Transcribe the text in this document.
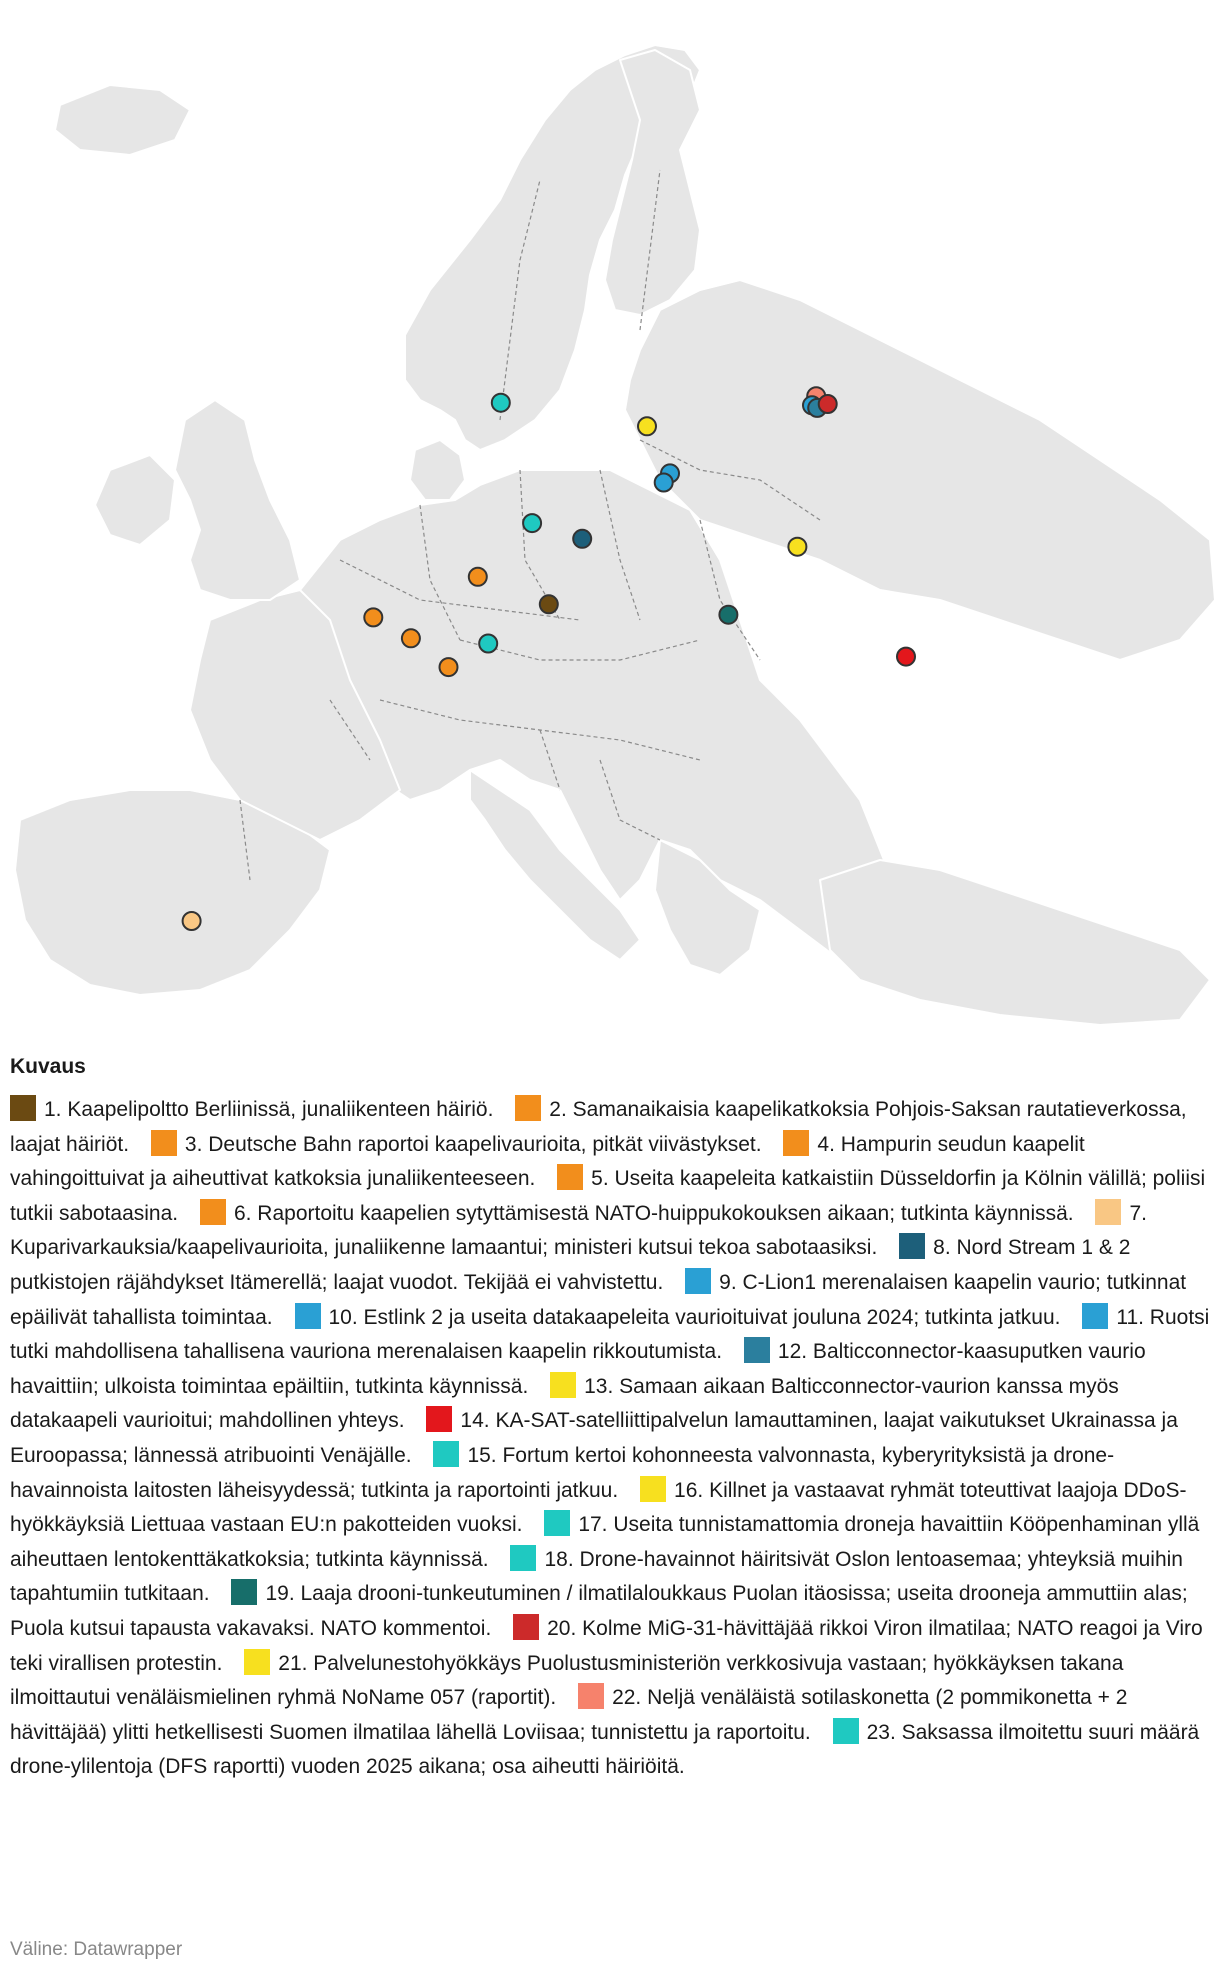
Kuvaus
1. Kaapelipoltto Berliinissä, junaliikenteen häiriö.	2. Samanaikaisia kaapelikatkoksia Pohjois-Saksan rautatieverkossa, laajat häiriöt.	3. Deutsche Bahn raportoi kaapelivaurioita, pitkät viivästykset.	4. Hampurin seudun kaapelit vahingoittuivat ja aiheuttivat katkoksia junaliikenteeseen.	5. Useita kaapeleita katkaistiin Düsseldorfin ja Kölnin välillä; poliisi tutkii sabotaasina.	6. Raportoitu kaapelien sytyttämisestä NATO-huippukokouksen aikaan; tutkinta käynnissä.	7. Kuparivarkauksia/kaapelivaurioita, junaliikenne lamaantui; ministeri kutsui tekoa sabotaasiksi.	8. Nord Stream 1 & 2 putkistojen räjähdykset Itämerellä; laajat vuodot. Tekijää ei vahvistettu.	9. C-Lion1 merenalaisen kaapelin vaurio; tutkinnat epäilivät tahallista toimintaa.	10. Estlink 2 ja useita datakaapeleita vaurioituivat jouluna 2024; tutkinta jatkuu.	11. Ruotsi tutki mahdollisena tahallisena vauriona merenalaisen kaapelin rikkoutumista.	12. Balticconnector-kaasuputken vaurio havaittiin; ulkoista toimintaa epäiltiin, tutkinta käynnissä.	13. Samaan aikaan Balticconnector-vaurion kanssa myös datakaapeli vaurioitui; mahdollinen yhteys.	14. KA-SAT-satelliittipalvelun lamauttaminen, laajat vaikutukset Ukrainassa ja Euroopassa; lännessä atribuointi Venäjälle.	15. Fortum kertoi kohonneesta valvonnasta, kyberyrityksistä ja drone-havainnoista laitosten läheisyydessä; tutkinta ja raportointi jatkuu.	16. Killnet ja vastaavat ryhmät toteuttivat laajoja DDoS-hyökkäyksiä Liettuaa vastaan EU:n pakotteiden vuoksi.	17. Useita tunnistamattomia droneja havaittiin Kööpenhaminan yllä aiheuttaen lentokenttäkatkoksia; tutkinta käynnissä.	18. Drone-havainnot häiritsivät Oslon lentoasemaa; yhteyksiä muihin tapahtumiin tutkitaan.	19. Laaja drooni-tunkeutuminen / ilmatilaloukkaus Puolan itäosissa; useita drooneja ammuttiin alas; Puola kutsui tapausta vakavaksi. NATO kommentoi.	20. Kolme MiG-31-hävittäjää rikkoi Viron ilmatilaa; NATO reagoi ja Viro teki virallisen protestin.	21. Palvelunestohyökkäys Puolustusministeriön verkkosivuja vastaan; hyökkäyksen takana ilmoittautui venäläismielinen ryhmä NoName 057 (raportit).	22. Neljä venäläistä sotilaskonetta (2 pommikonetta + 2 hävittäjää) ylitti hetkellisesti Suomen ilmatilaa lähellä Loviisaa; tunnistettu ja raportoitu.	23. Saksassa ilmoitettu suuri määrä drone-ylilentoja (DFS raportti) vuoden 2025 aikana; osa aiheutti häiriöitä.
Väline: Datawrapper
